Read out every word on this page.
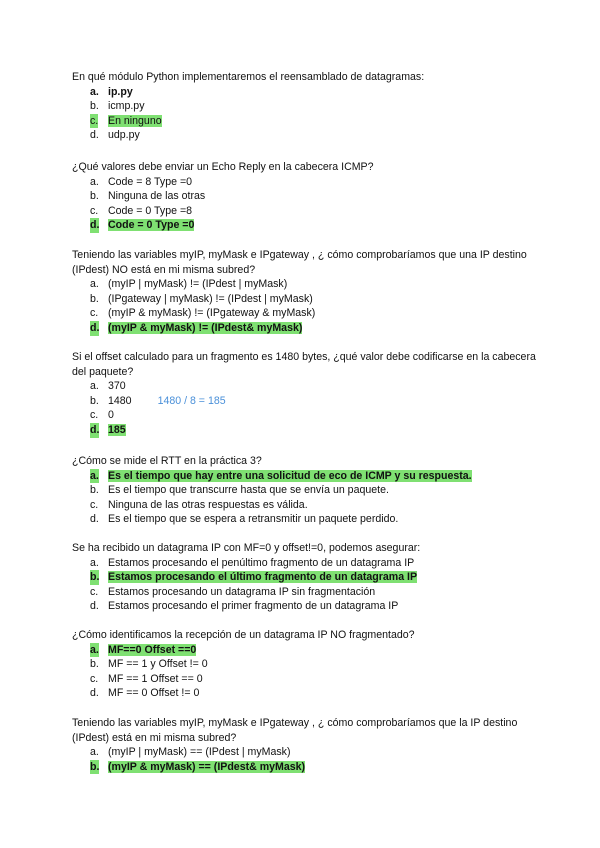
En qué módulo Python implementaremos el reensamblado de datagramas:
a. ip.py
b. icmp.py
c. En ninguno
d. udp.py
¿Qué valores debe enviar un Echo Reply en la cabecera ICMP?
a. Code = 8 Type =0
b. Ninguna de las otras
c. Code = 0 Type =8
d. Code = 0 Type =0
Teniendo las variables myIP, myMask e IPgateway , ¿ cómo comprobaríamos que una IP destino (IPdest) NO está en mi misma subred?
a. (myIP | myMask) != (IPdest | myMask)
b. (IPgateway | myMask) != (IPdest | myMask)
c. (myIP & myMask) != (IPgateway & myMask)
d. (myIP & myMask) != (IPdest& myMask)
Si el offset calculado para un fragmento es 1480 bytes, ¿qué valor debe codificarse en la cabecera del paquete?
a. 370
b. 1480 1480 / 8 = 185
c. 0
d. 185
¿Cómo se mide el RTT en la práctica 3?
a. Es el tiempo que hay entre una solicitud de eco de ICMP y su respuesta.
b. Es el tiempo que transcurre hasta que se envía un paquete.
c. Ninguna de las otras respuestas es válida.
d. Es el tiempo que se espera a retransmitir un paquete perdido.
Se ha recibido un datagrama IP con MF=0 y offset!=0, podemos asegurar:
a. Estamos procesando el penúltimo fragmento de un datagrama IP
b. Estamos procesando el último fragmento de un datagrama IP
c. Estamos procesando un datagrama IP sin fragmentación
d. Estamos procesando el primer fragmento de un datagrama IP
¿Cómo identificamos la recepción de un datagrama IP NO fragmentado?
a. MF==0 Offset ==0
b. MF == 1 y Offset != 0
c. MF == 1 Offset == 0
d. MF == 0 Offset != 0
Teniendo las variables myIP, myMask e IPgateway , ¿ cómo comprobaríamos que la IP destino (IPdest) está en mi misma subred?
a. (myIP | myMask) == (IPdest | myMask)
b. (myIP & myMask) == (IPdest& myMask)
